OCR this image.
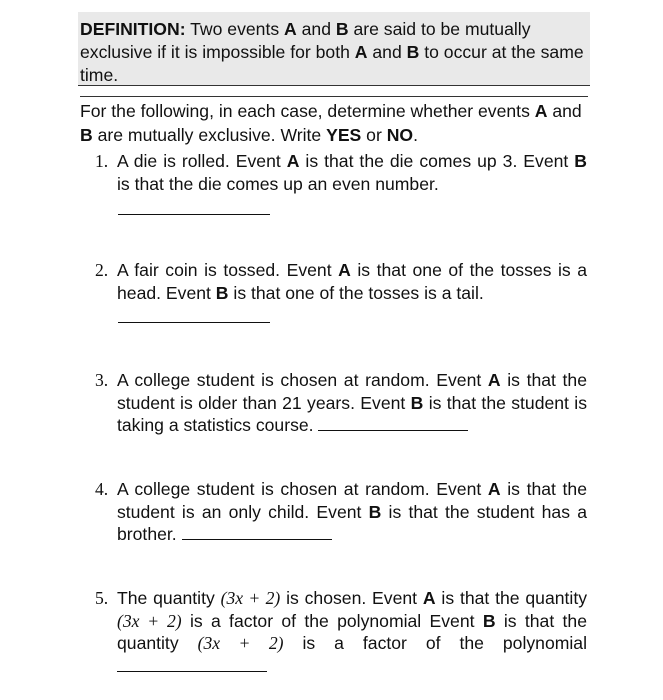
DEFINITION: Two events A and B are said to be mutually exclusive if it is impossible for both A and B to occur at the same time.
For the following, in each case, determine whether events A and B are mutually exclusive. Write YES or NO.
1. A die is rolled. Event A is that the die comes up 3. Event B is that the die comes up an even number.
2. A fair coin is tossed. Event A is that one of the tosses is a head. Event B is that one of the tosses is a tail.
3. A college student is chosen at random. Event A is that the student is older than 21 years. Event B is that the student is taking a statistics course.
4. A college student is chosen at random. Event A is that the student is an only child. Event B is that the student has a brother.
5. The quantity (3x + 2) is chosen. Event A is that the quantity (3x + 2) is a factor of the polynomial Event B is that the quantity (3x + 2) is a factor of the polynomial
